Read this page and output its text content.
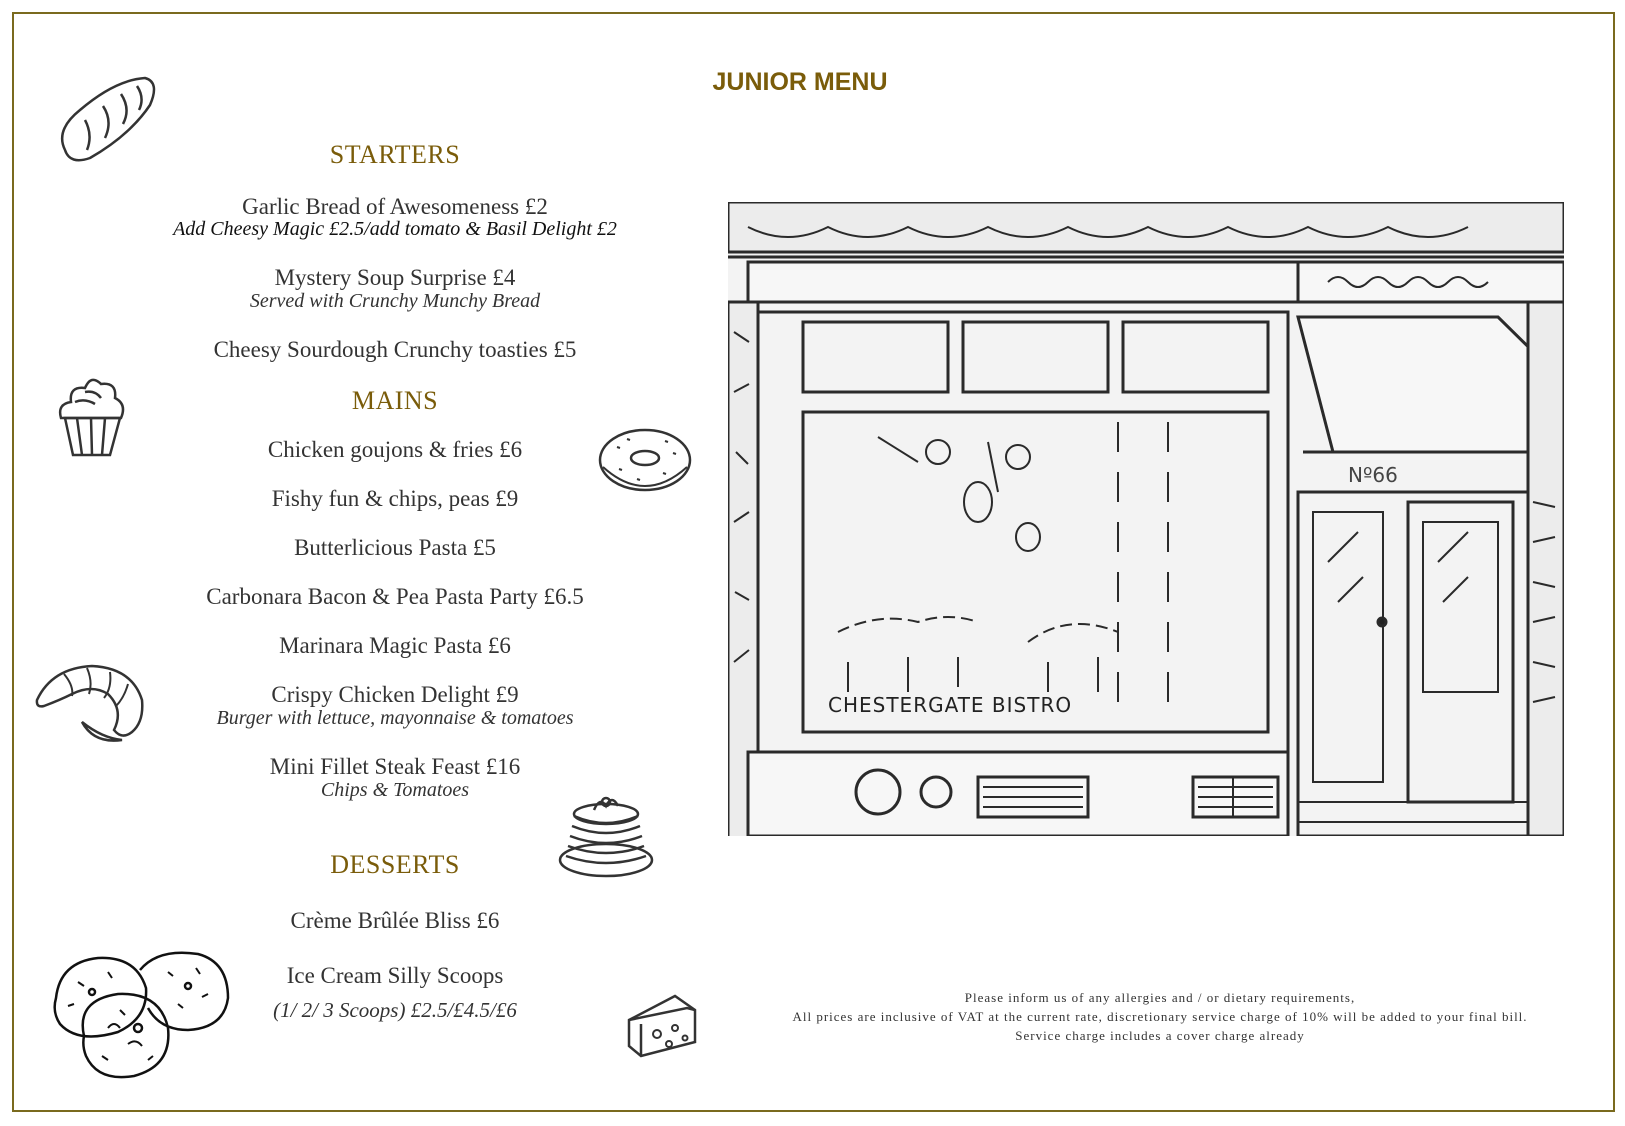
JUNIOR MENU
STARTERS
Garlic Bread of Awesomeness £2
Add Cheesy Magic £2.5/add tomato & Basil Delight £2
Mystery Soup Surprise £4
Served with Crunchy Munchy Bread
Cheesy Sourdough Crunchy toasties £5
MAINS
Chicken goujons & fries £6
Fishy fun & chips, peas £9
Butterlicious Pasta £5
Carbonara Bacon & Pea Pasta Party £6.5
Marinara Magic Pasta £6
Crispy Chicken Delight £9
Burger with lettuce, mayonnaise & tomatoes
Mini Fillet Steak Feast £16
Chips & Tomatoes
DESSERTS
Crème Brûlée Bliss £6
Ice Cream Silly Scoops
(1/ 2/ 3 Scoops) £2.5/£4.5/£6
CHESTERGATE BISTRO
Nº66
Please inform us of any allergies and / or dietary requirements,
All prices are inclusive of VAT at the current rate, discretionary service charge of 10% will be added to your final bill.
Service charge includes a cover charge already
